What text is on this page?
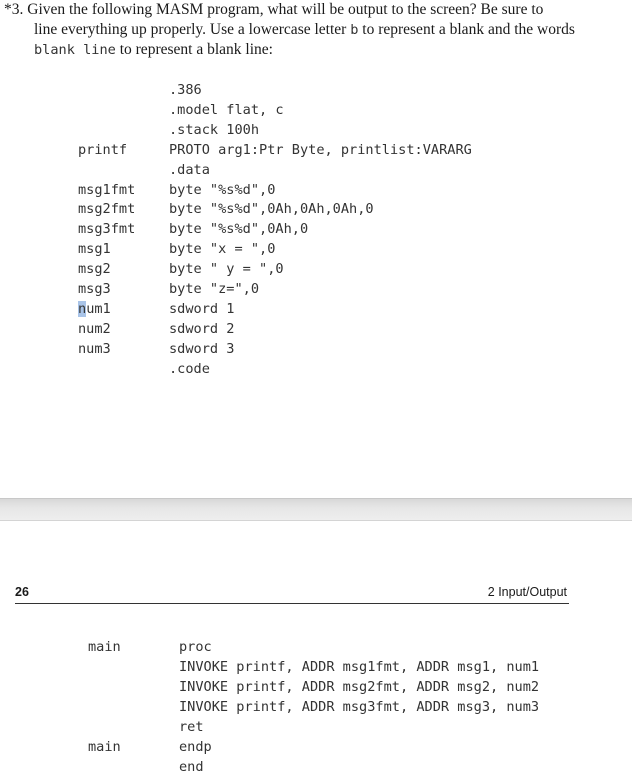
*3. Given the following MASM program, what will be output to the screen? Be sure to
line everything up properly. Use a lowercase letter b to represent a blank and the words
blank line to represent a blank line:
.386
.model flat, c
.stack 100h
printf	PROTO arg1:Ptr Byte, printlist:VARARG
.data
msg1fmt byte "%s%d",0
msg2fmt byte "%s%d",0Ah,0Ah,0Ah,0
msg3fmt byte "%s%d",0Ah,0
msg1	byte "x = ",0
msg2	byte " y = ",0
msg3	byte "z=",0
num1	sdword 1
num2	sdword 2
num3	sdword 3
.code
26	2 Input/Output
main	proc
INVOKE printf, ADDR msg1fmt, ADDR msg1, num1
INVOKE printf, ADDR msg2fmt, ADDR msg2, num2
INVOKE printf, ADDR msg3fmt, ADDR msg3, num3
ret
main	endp
end
